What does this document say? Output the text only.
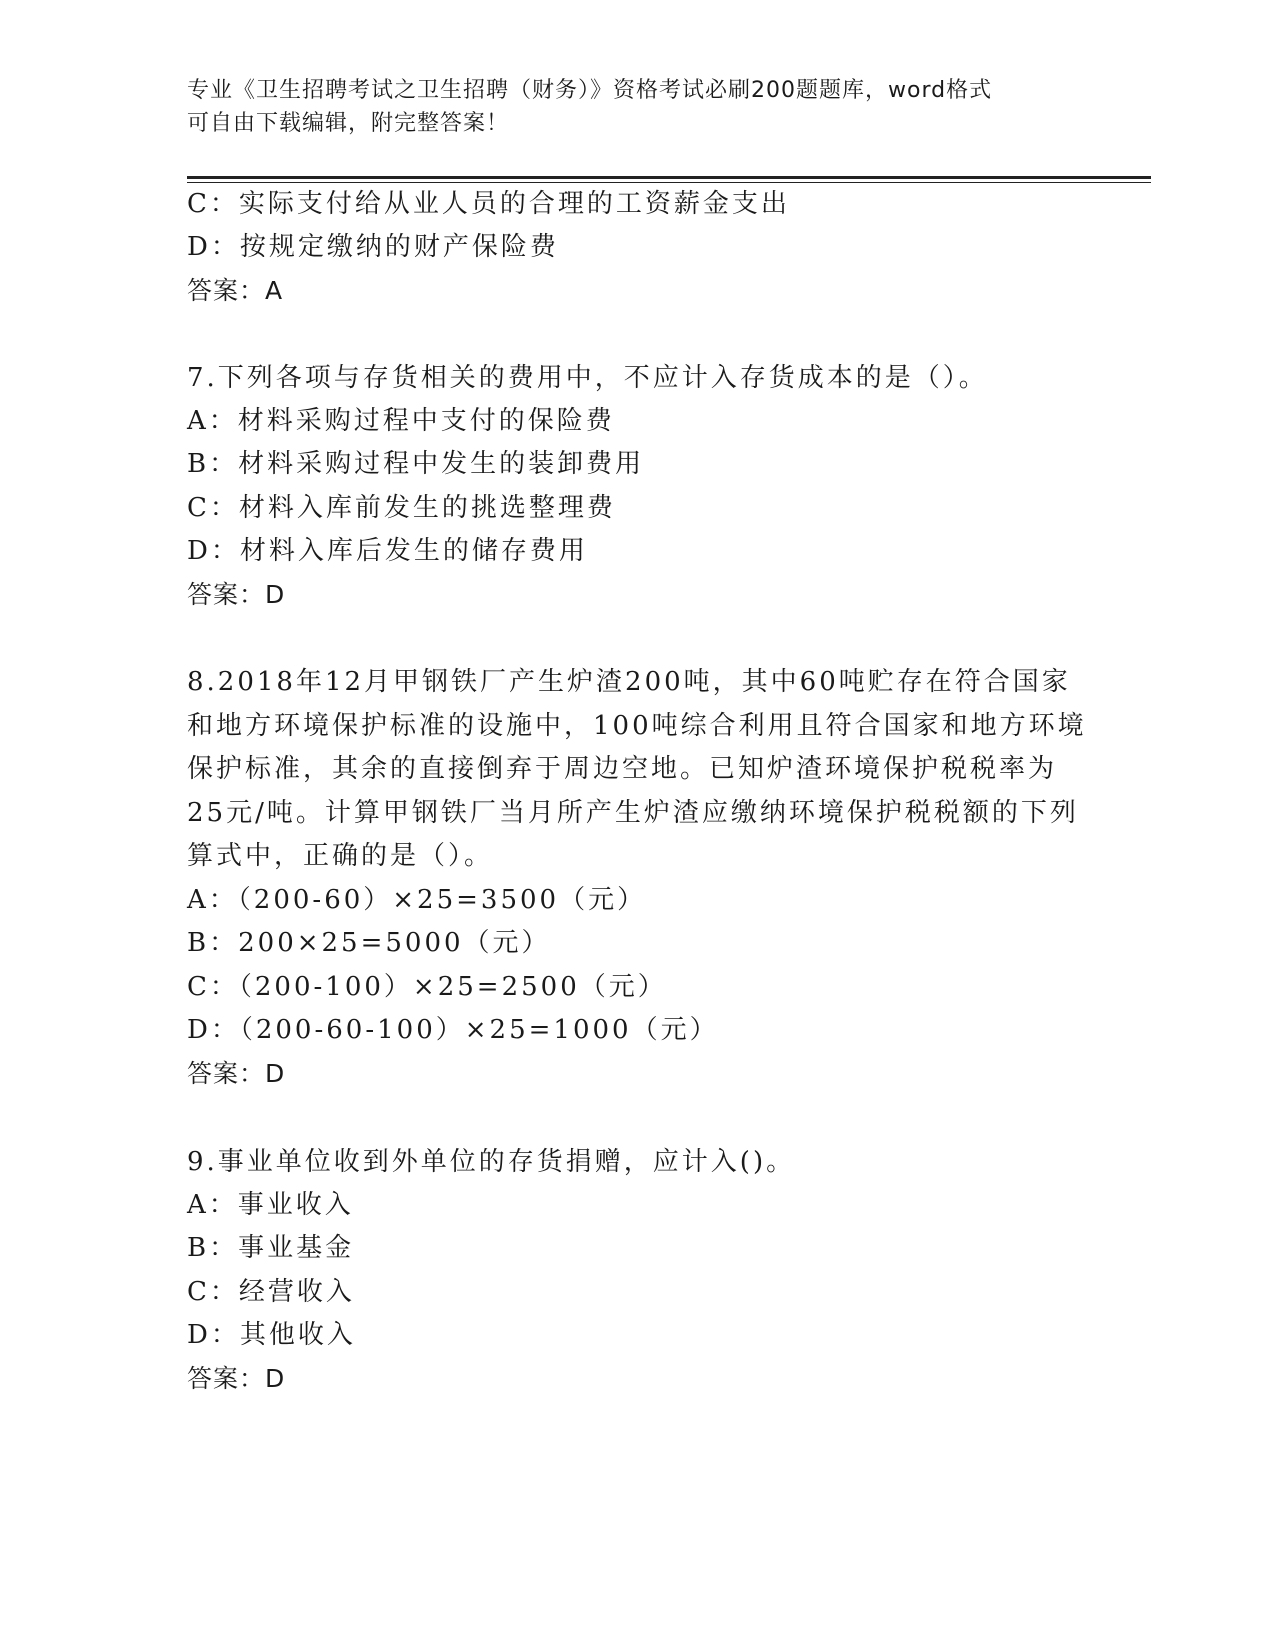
专业《卫生招聘考试之卫生招聘（财务）》资格考试必刷200题题库，word格式
可自由下载编辑，附完整答案！
C：实际支付给从业人员的合理的工资薪金支出
D：按规定缴纳的财产保险费
答案：A
7.下列各项与存货相关的费用中，不应计入存货成本的是（）。
A：材料采购过程中支付的保险费
B：材料采购过程中发生的装卸费用
C：材料入库前发生的挑选整理费
D：材料入库后发生的储存费用
答案：D
8.2018年12月甲钢铁厂产生炉渣200吨，其中60吨贮存在符合国家
和地方环境保护标准的设施中，100吨综合利用且符合国家和地方环境
保护标准，其余的直接倒弃于周边空地。已知炉渣环境保护税税率为
25元/吨。计算甲钢铁厂当月所产生炉渣应缴纳环境保护税税额的下列
算式中，正确的是（）。
A：（200-60）×25=3500（元）
B：200×25=5000（元）
C：（200-100）×25=2500（元）
D：（200-60-100）×25=1000（元）
答案：D
9.事业单位收到外单位的存货捐赠，应计入()。
A：事业收入
B：事业基金
C：经营收入
D：其他收入
答案：D
